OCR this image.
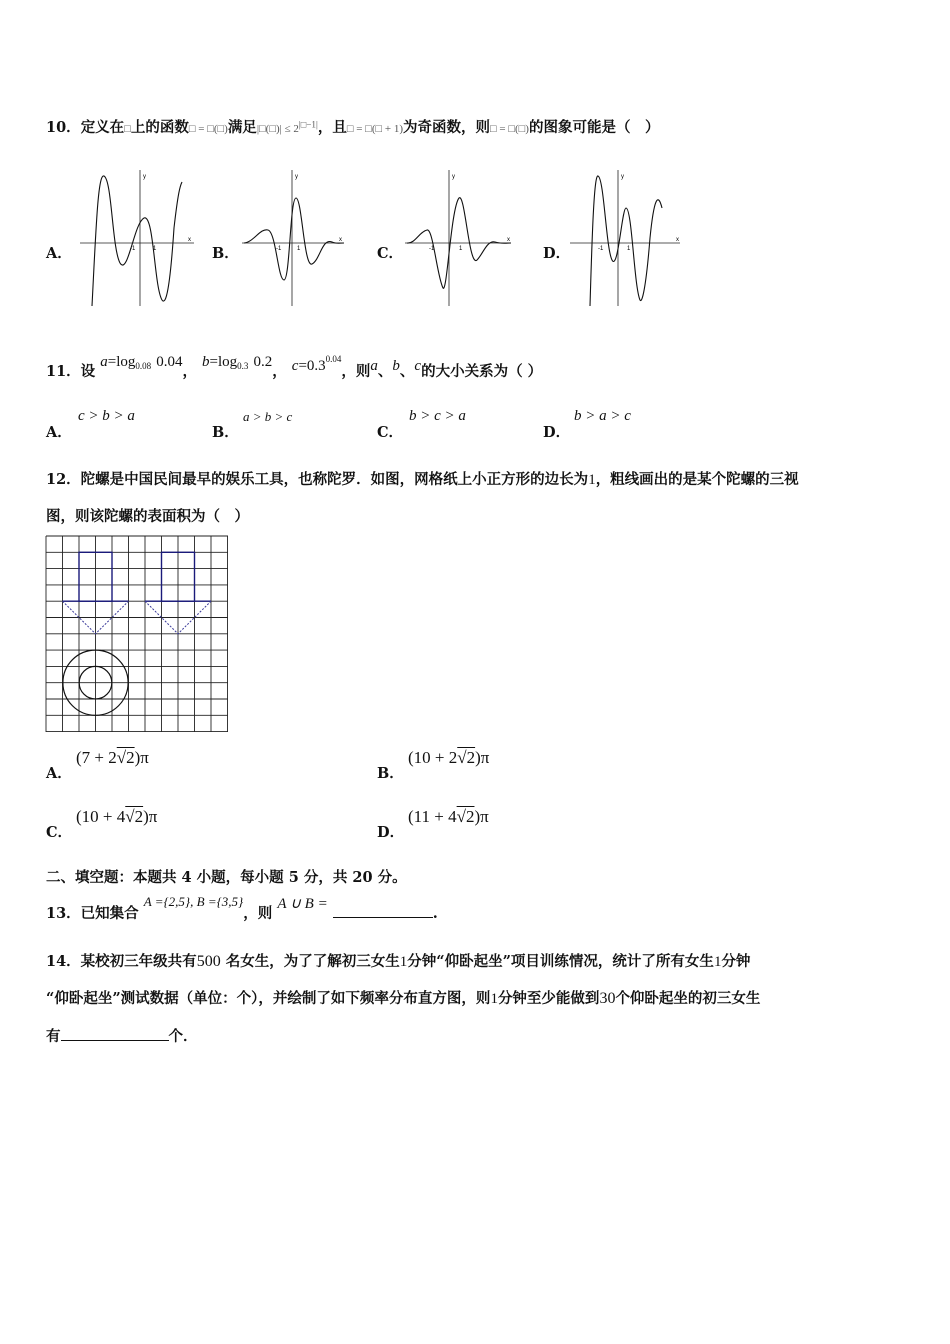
10．定义在□上的函数□ = □(□)满足|□(□)| ≤ $2^{|□-1|}$，且□ = □(□ + 1)为奇函数，则□ = □(□)的图象可能是（　）
A．	B．	C．	D．
y
x
-1	1
y
x
-1	1
y
x
-1	1
y
x
-1	1
11．设 $a=\log_{0.08}$ 0.04， $b=\log_{0.3}$ 0.2， $c=0.3^{0.04}$，则a、b、c的大小关系为（ ）
A．
c > b > a
B．
a > b > c
C．
b > c > a
D．
b > a > c
12．陀螺是中国民间最早的娱乐工具，也称陀罗．如图，网格纸上小正方形的边长为1，粗线画出的是某个陀螺的三视
图，则该陀螺的表面积为（　）
A．
(7 + 2√2)π
B．
(10 + 2√2)π
C．
(10 + 4√2)π
D．
(11 + 4√2)π
二、填空题：本题共 4 小题，每小题 5 分，共 20 分。
13．已知集合 A ={2,5}, B ={3,5}，则 A ∪ B = .
14．某校初三年级共有500 名女生，为了了解初三女生1分钟“仰卧起坐”项目训练情况，统计了所有女生1分钟
“仰卧起坐”测试数据（单位：个），并绘制了如下频率分布直方图，则1分钟至少能做到30个仰卧起坐的初三女生
有	个．
